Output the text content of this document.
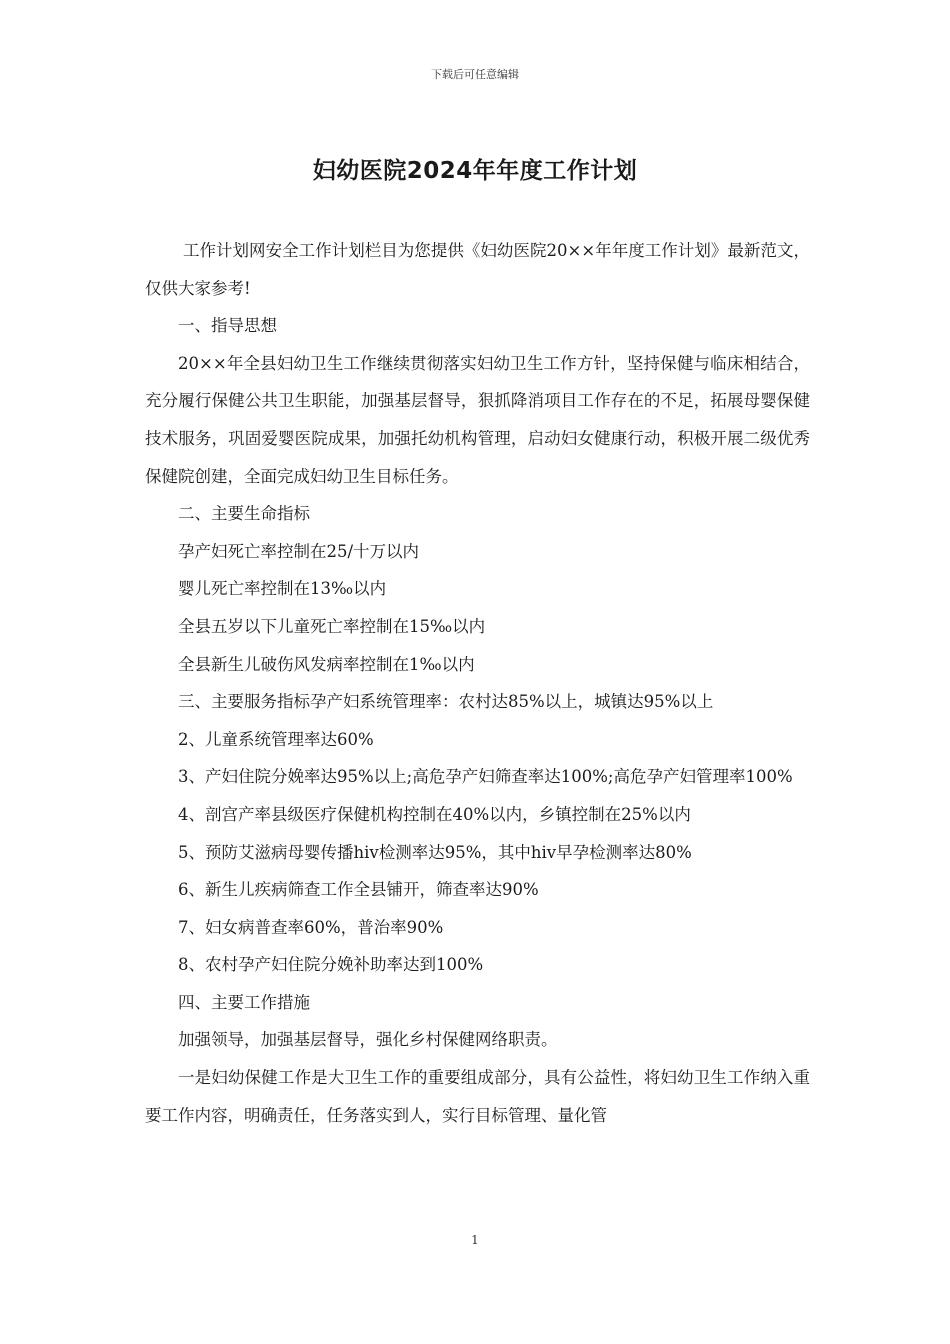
下载后可任意编辑
妇幼医院2024年年度工作计划

工作计划网安全工作计划栏目为您提供《妇幼医院20××年年度工作计划》最新范文，仅供大家参考!

一、指导思想

20××年全县妇幼卫生工作继续贯彻落实妇幼卫生工作方针，坚持保健与临床相结合，充分履行保健公共卫生职能，加强基层督导，狠抓降消项目工作存在的不足，拓展母婴保健技术服务，巩固爱婴医院成果，加强托幼机构管理，启动妇女健康行动，积极开展二级优秀保健院创建，全面完成妇幼卫生目标任务。

二、主要生命指标

孕产妇死亡率控制在25/十万以内

婴儿死亡率控制在13‰以内

全县五岁以下儿童死亡率控制在15‰以内

全县新生儿破伤风发病率控制在1‰以内

三、主要服务指标孕产妇系统管理率：农村达85%以上，城镇达95%以上

2、儿童系统管理率达60%

3、产妇住院分娩率达95%以上;高危孕产妇筛查率达100%;高危孕产妇管理率100%

4、剖宫产率县级医疗保健机构控制在40%以内，乡镇控制在25%以内

5、预防艾滋病母婴传播hiv检测率达95%，其中hiv早孕检测率达80%

6、新生儿疾病筛查工作全县铺开，筛查率达90%

7、妇女病普查率60%，普治率90%

8、农村孕产妇住院分娩补助率达到100%

四、主要工作措施

加强领导，加强基层督导，强化乡村保健网络职责。

一是妇幼保健工作是大卫生工作的重要组成部分，具有公益性，将妇幼卫生工作纳入重要工作内容，明确责任，任务落实到人，实行目标管理、量化管

1
